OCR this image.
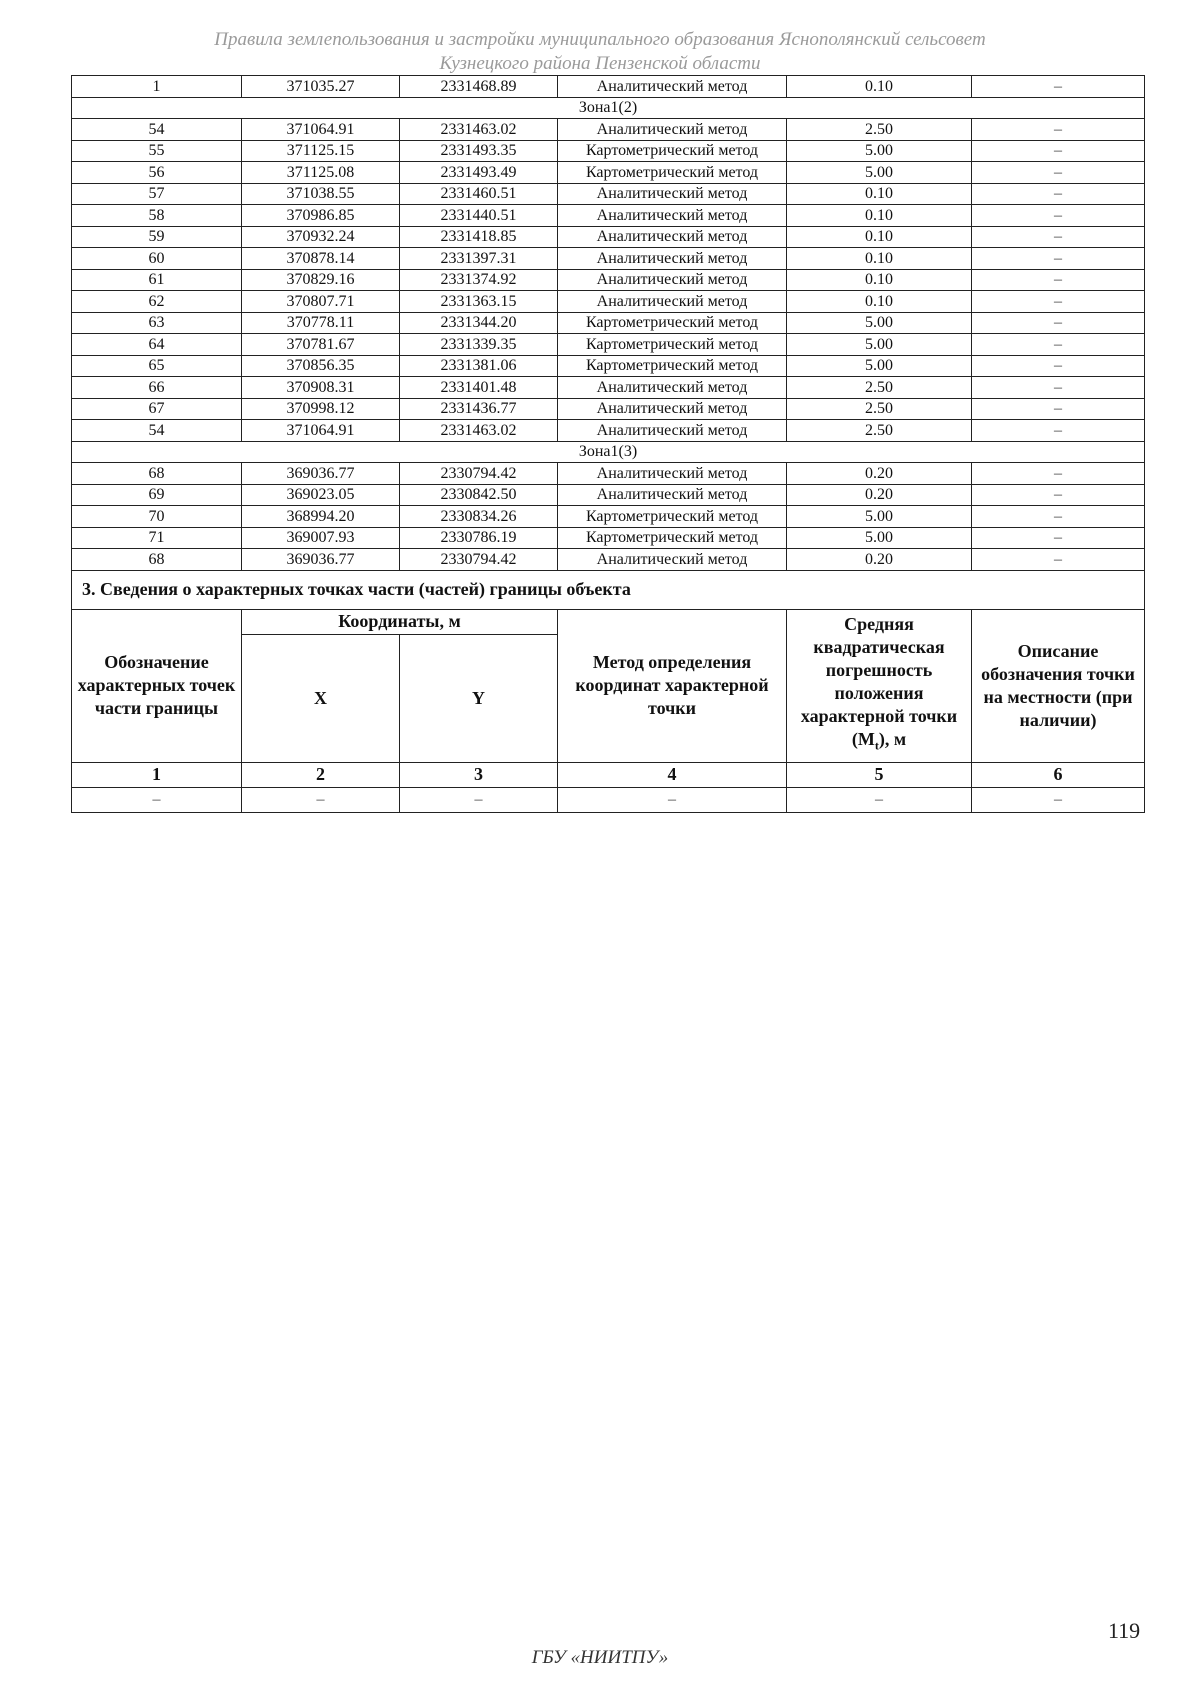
Правила землепользования и застройки муниципального образования Яснополянский сельсовет
Кузнецкого района Пензенской области
1	371035.27	2331468.89	Аналитический метод	0.10	–
Зона1(2)					
54	371064.91	2331463.02	Аналитический метод	2.50	–
55	371125.15	2331493.35	Картометрический метод	5.00	–
56	371125.08	2331493.49	Картометрический метод	5.00	–
57	371038.55	2331460.51	Аналитический метод	0.10	–
58	370986.85	2331440.51	Аналитический метод	0.10	–
59	370932.24	2331418.85	Аналитический метод	0.10	–
60	370878.14	2331397.31	Аналитический метод	0.10	–
61	370829.16	2331374.92	Аналитический метод	0.10	–
62	370807.71	2331363.15	Аналитический метод	0.10	–
63	370778.11	2331344.20	Картометрический метод	5.00	–
64	370781.67	2331339.35	Картометрический метод	5.00	–
65	370856.35	2331381.06	Картометрический метод	5.00	–
66	370908.31	2331401.48	Аналитический метод	2.50	–
67	370998.12	2331436.77	Аналитический метод	2.50	–
54	371064.91	2331463.02	Аналитический метод	2.50	–
Зона1(3)					
68	369036.77	2330794.42	Аналитический метод	0.20	–
69	369023.05	2330842.50	Аналитический метод	0.20	–
70	368994.20	2330834.26	Картометрический метод	5.00	–
71	369007.93	2330786.19	Картометрический метод	5.00	–
68	369036.77	2330794.42	Аналитический метод	0.20	–
3. Сведения о характерных точках части (частей) границы объекта					
Обозначение характерных точек части границы	Координаты, м		Метод определения координат характерной точки	Средняя квадратическая погрешность положения характерной точки $(M_t)$, м	Описание обозначения точки на местности (при наличии)
	X	Y			
1	2	3	4	5	6
–	–	–	–	–	–
119
ГБУ «НИИТПУ»
